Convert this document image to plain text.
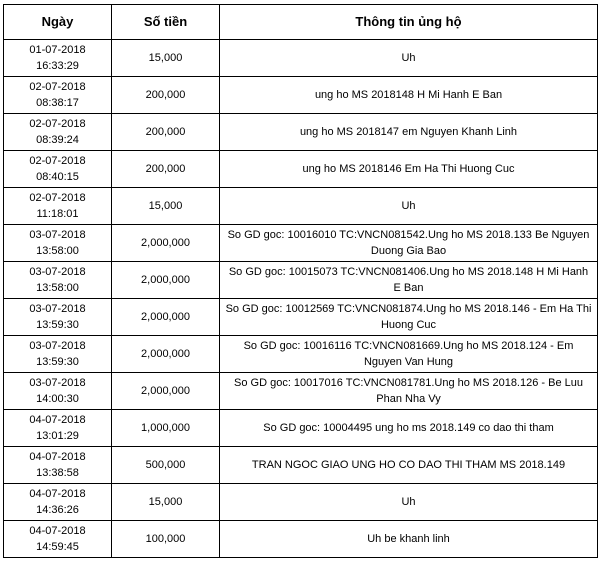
Ngày	Số tiền	Thông tin ủng hộ
01-07-2018 16:33:29	15,000	Uh
02-07-2018 08:38:17	200,000	ung ho MS 2018148 H Mi Hanh E Ban
02-07-2018 08:39:24	200,000	ung ho MS 2018147 em Nguyen Khanh Linh
02-07-2018 08:40:15	200,000	ung ho MS 2018146 Em Ha Thi Huong Cuc
02-07-2018 11:18:01	15,000	Uh
03-07-2018 13:58:00	2,000,000	So GD goc: 10016010 TC:VNCN081542.Ung ho MS 2018.133 Be Nguyen Duong Gia Bao
03-07-2018 13:58:00	2,000,000	So GD goc: 10015073 TC:VNCN081406.Ung ho MS 2018.148 H Mi Hanh E Ban
03-07-2018 13:59:30	2,000,000	So GD goc: 10012569 TC:VNCN081874.Ung ho MS 2018.146 - Em Ha Thi Huong Cuc
03-07-2018 13:59:30	2,000,000	So GD goc: 10016116 TC:VNCN081669.Ung ho MS 2018.124 - Em Nguyen Van Hung
03-07-2018 14:00:30	2,000,000	So GD goc: 10017016 TC:VNCN081781.Ung ho MS 2018.126 - Be Luu Phan Nha Vy
04-07-2018 13:01:29	1,000,000	So GD goc: 10004495 ung ho ms 2018.149 co dao thi tham
04-07-2018 13:38:58	500,000	TRAN NGOC GIAO UNG HO CO DAO THI THAM MS 2018.149
04-07-2018 14:36:26	15,000	Uh
04-07-2018 14:59:45	100,000	Uh be khanh linh
